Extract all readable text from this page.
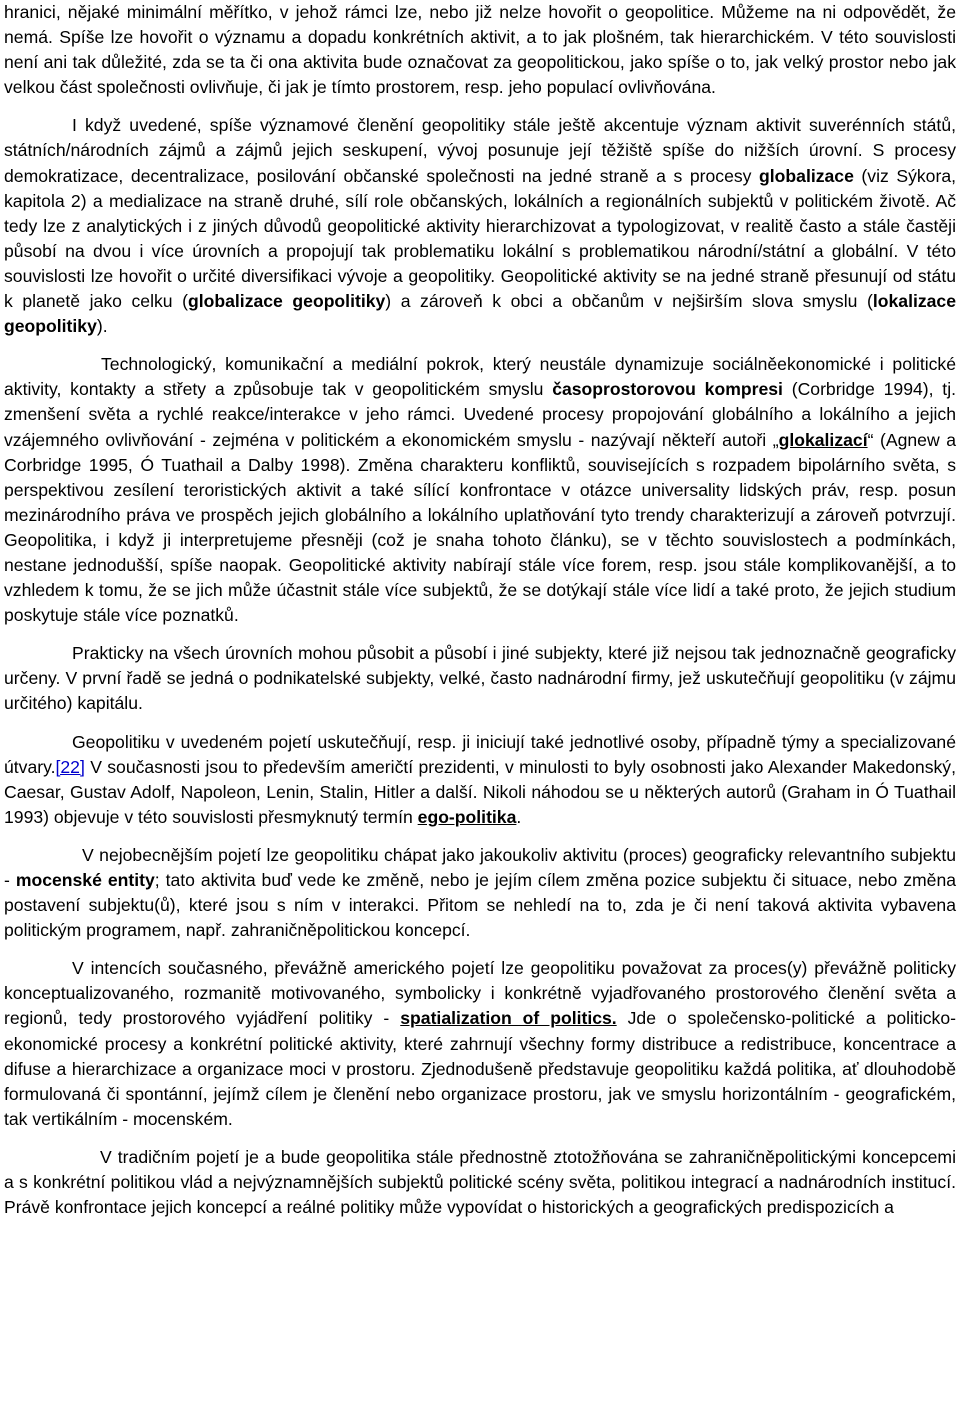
hranici, nějaké minimální měřítko, v jehož rámci lze, nebo již nelze hovořit o geopolitice. Můžeme na ni odpovědět, že nemá. Spíše lze hovořit o významu a dopadu konkrétních aktivit, a to jak plošném, tak hierarchickém. V této souvislosti není ani tak důležité, zda se ta či ona aktivita bude označovat za geopolitickou, jako spíše o to, jak velký prostor nebo jak velkou část společnosti ovlivňuje, či jak je tímto prostorem, resp. jeho populací ovlivňována.

I když uvedené, spíše významové členění geopolitiky stále ještě akcentuje význam aktivit suverénních států, státních/národních zájmů a zájmů jejich seskupení, vývoj posunuje její těžiště spíše do nižších úrovní. S procesy demokratizace, decentralizace, posilování občanské společnosti na jedné straně a s procesy globalizace (viz Sýkora, kapitola 2) a medializace na straně druhé, sílí role občanských, lokálních a regionálních subjektů v politickém životě. Ač tedy lze z analytických i z jiných důvodů geopolitické aktivity hierarchizovat a typologizovat, v realitě často a stále častěji působí na dvou i více úrovních a propojují tak problematiku lokální s problematikou národní/státní a globální. V této souvislosti lze hovořit o určité diversifikaci vývoje a geopolitiky. Geopolitické aktivity se na jedné straně přesunují od státu k planetě jako celku (globalizace geopolitiky) a zároveň k obci a občanům v nejširším slova smyslu (lokalizace geopolitiky).

Technologický, komunikační a mediální pokrok, který neustále dynamizuje sociálněekonomické i politické aktivity, kontakty a střety a způsobuje tak v geopolitickém smyslu časoprostorovou kompresi (Corbridge 1994), tj. zmenšení světa a rychlé reakce/interakce v jeho rámci. Uvedené procesy propojování globálního a lokálního a jejich vzájemného ovlivňování - zejména v politickém a ekonomickém smyslu - nazývají někteří autoři „glokalizací“ (Agnew a Corbridge 1995, Ó Tuathail a Dalby 1998). Změna charakteru konfliktů, souvisejících s rozpadem bipolárního světa, s perspektivou zesílení teroristických aktivit a také sílící konfrontace v otázce universality lidských práv, resp. posun mezinárodního práva ve prospěch jejich globálního a lokálního uplatňování tyto trendy charakterizují a zároveň potvrzují. Geopolitika, i když ji interpretujeme přesněji (což je snaha tohoto článku), se v těchto souvislostech a podmínkách, nestane jednodušší, spíše naopak. Geopolitické aktivity nabírají stále více forem, resp. jsou stále komplikovanější, a to vzhledem k tomu, že se jich může účastnit stále více subjektů, že se dotýkají stále více lidí a také proto, že jejich studium poskytuje stále více poznatků.

Prakticky na všech úrovních mohou působit a působí i jiné subjekty, které již nejsou tak jednoznačně geograficky určeny. V první řadě se jedná o podnikatelské subjekty, velké, často nadnárodní firmy, jež uskutečňují geopolitiku (v zájmu určitého) kapitálu.

Geopolitiku v uvedeném pojetí uskutečňují, resp. ji iniciují také jednotlivé osoby, případně týmy a specializované útvary.[22] V současnosti jsou to především američtí prezidenti, v minulosti to byly osobnosti jako Alexander Makedonský, Caesar, Gustav Adolf, Napoleon, Lenin, Stalin, Hitler a další. Nikoli náhodou se u některých autorů (Graham in Ó Tuathail 1993) objevuje v této souvislosti přesmyknutý termín ego-politika.

V nejobecnějším pojetí lze geopolitiku chápat jako jakoukoliv aktivitu (proces) geograficky relevantního subjektu - mocenské entity; tato aktivita buď vede ke změně, nebo je jejím cílem změna pozice subjektu či situace, nebo změna postavení subjektu(ů), které jsou s ním v interakci. Přitom se nehledí na to, zda je či není taková aktivita vybavena politickým programem, např. zahraničněpolitickou koncepcí.

V intencích současného, převážně amerického pojetí lze geopolitiku považovat za proces(y) převážně politicky konceptualizovaného, rozmanitě motivovaného, symbolicky i konkrétně vyjadřovaného prostorového členění světa a regionů, tedy prostorového vyjádření politiky - spatialization of politics. Jde o společensko-politické a politicko-ekonomické procesy a konkrétní politické aktivity, které zahrnují všechny formy distribuce a redistribuce, koncentrace a difuse a hierarchizace a organizace moci v prostoru. Zjednodušeně představuje geopolitiku každá politika, ať dlouhodobě formulovaná či spontánní, jejímž cílem je členění nebo organizace prostoru, jak ve smyslu horizontálním - geografickém, tak vertikálním - mocenském.

V tradičním pojetí je a bude geopolitika stále přednostně ztotožňována se zahraničněpolitickými koncepcemi a s konkrétní politikou vlád a nejvýznamnějších subjektů politické scény světa, politikou integrací a nadnárodních institucí. Právě konfrontace jejich koncepcí a reálné politiky může vypovídat o historických a geografických predispozicích a
